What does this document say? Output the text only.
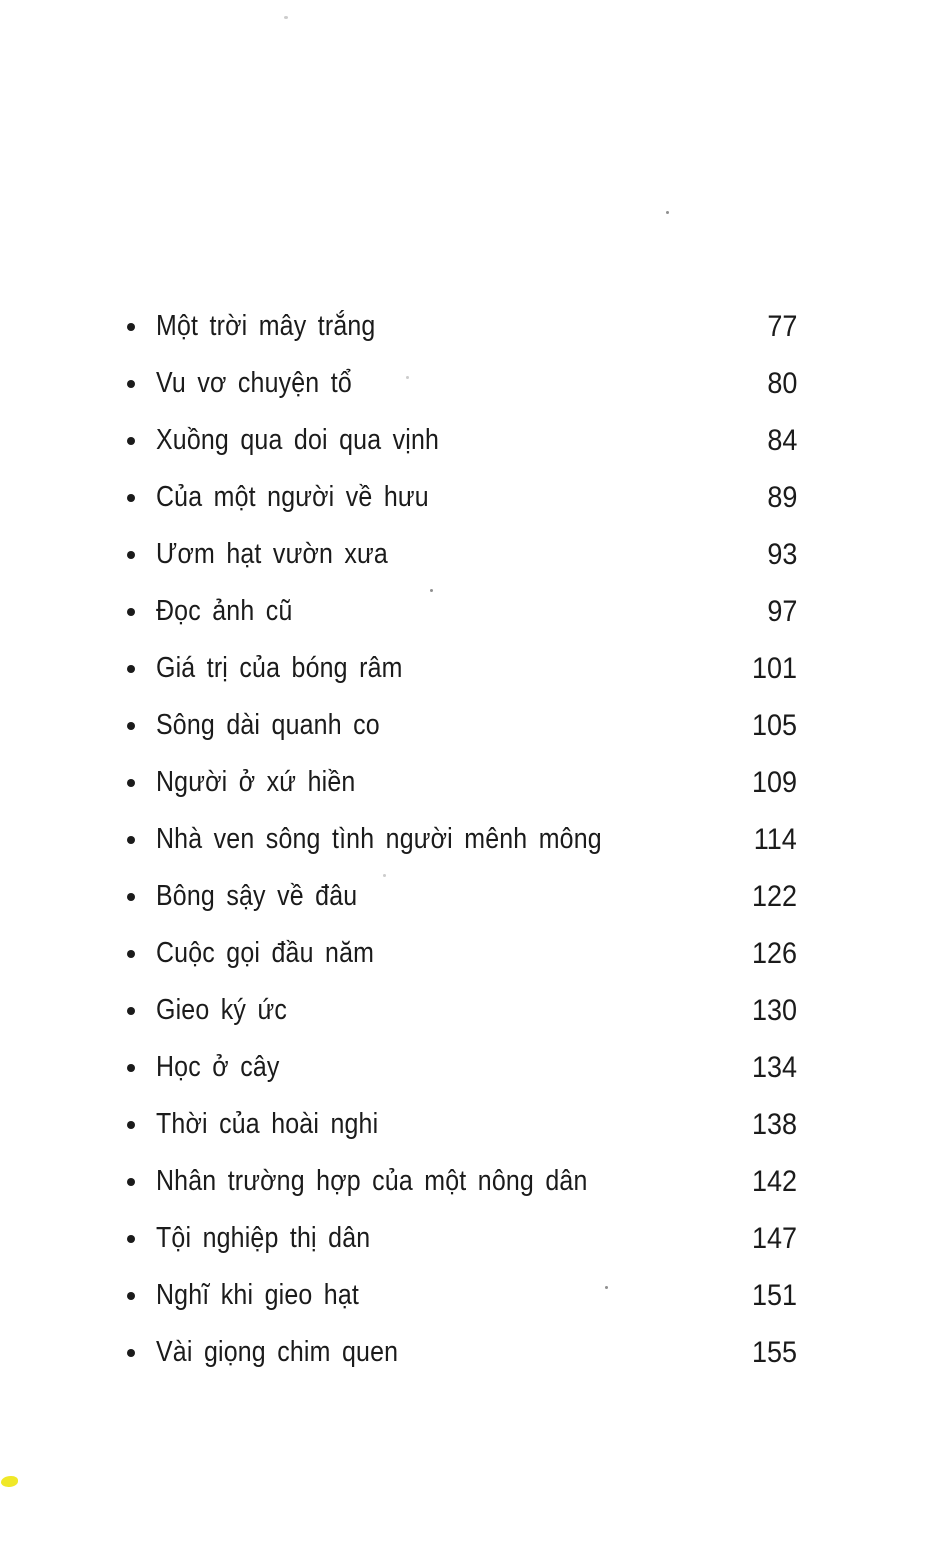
Một trời mây trắng	77
Vu vơ chuyện tổ	80
Xuồng qua doi qua vịnh	84
Của một người về hưu	89
Ươm hạt vườn xưa	93
Đọc ảnh cũ	97
Giá trị của bóng râm	101
Sông dài quanh co	105
Người ở xứ hiền	109
Nhà ven sông tình người mênh mông	114
Bông sậy về đâu	122
Cuộc gọi đầu năm	126
Gieo ký ức	130
Học ở cây	134
Thời của hoài nghi	138
Nhân trường hợp của một nông dân	142
Tội nghiệp thị dân	147
Nghĩ khi gieo hạt	151
Vài giọng chim quen	155
